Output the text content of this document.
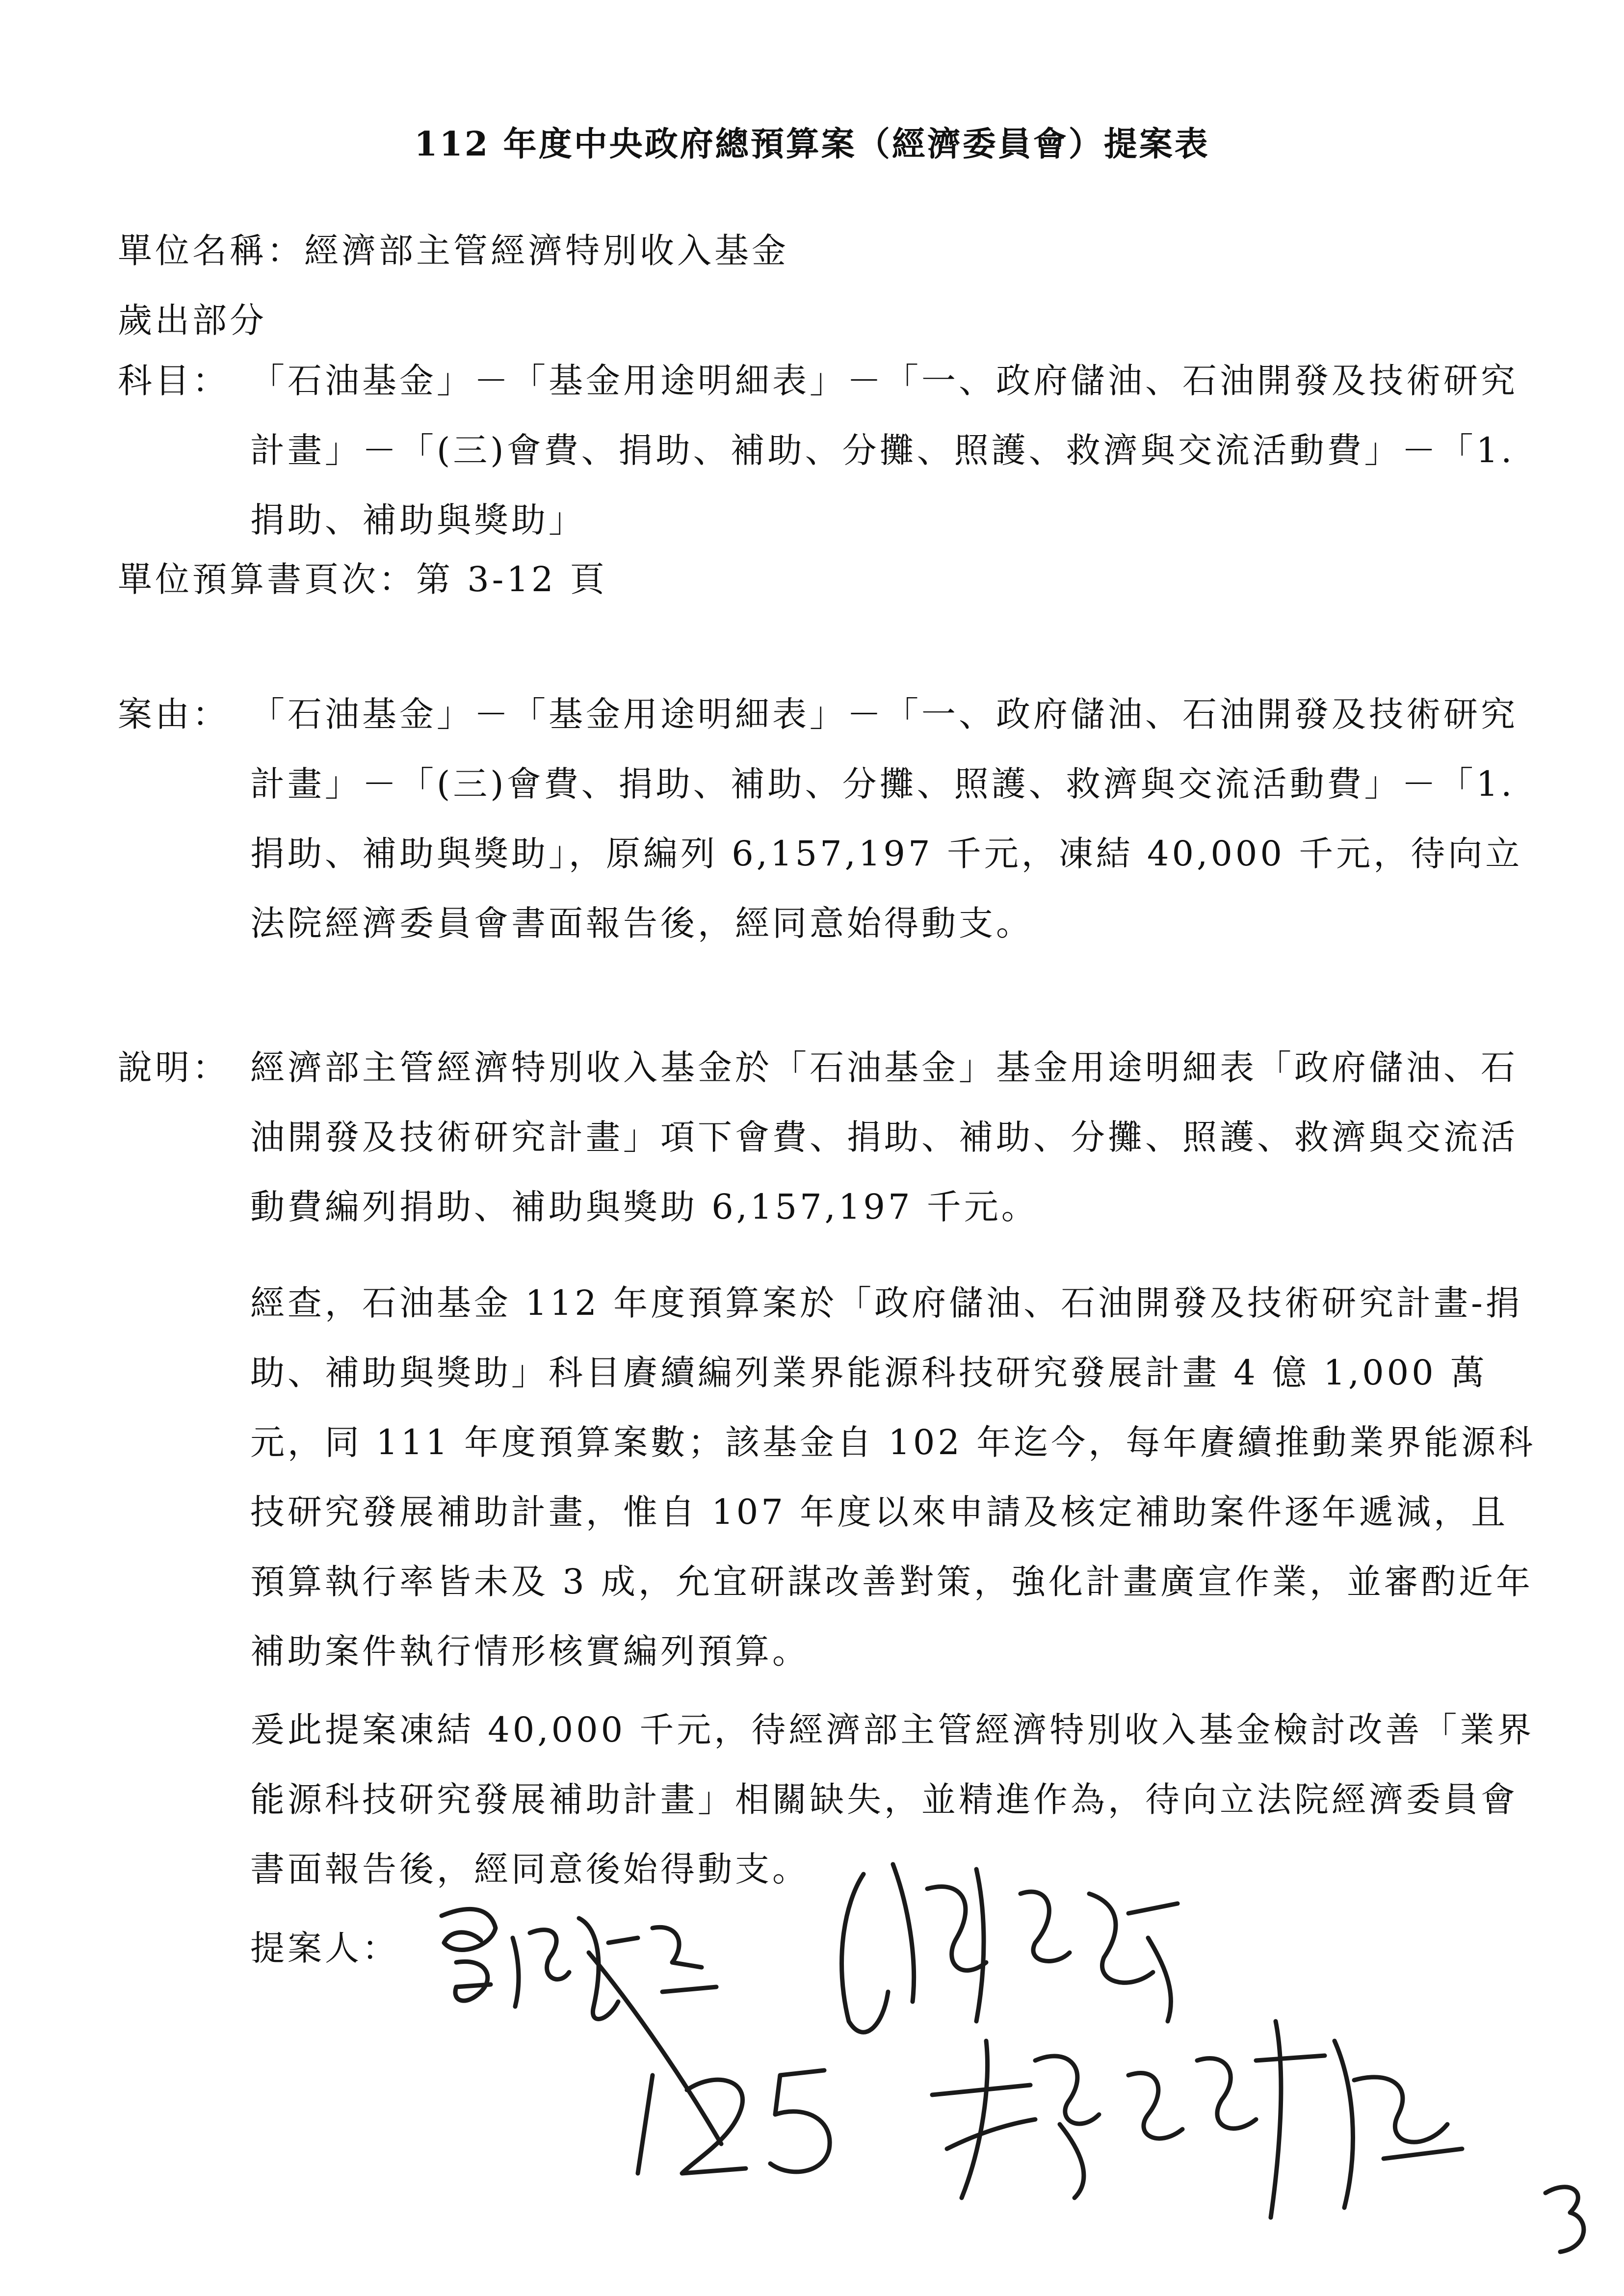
112 年度中央政府總預算案（經濟委員會）提案表
單位名稱：經濟部主管經濟特別收入基金
歲出部分
科目： 「石油基金」－「基金用途明細表」－「一、政府儲油、石油開發及技術研究計畫」－「(三)會費、捐助、補助、分攤、照護、救濟與交流活動費」－「1. 捐助、補助與獎助」
單位預算書頁次：第 3-12 頁
案由： 「石油基金」－「基金用途明細表」－「一、政府儲油、石油開發及技術研究計畫」－「(三)會費、捐助、補助、分攤、照護、救濟與交流活動費」－「1. 捐助、補助與獎助」，原編列 6,157,197 千元，凍結 40,000 千元，待向立法院經濟委員會書面報告後，經同意始得動支。
說明： 經濟部主管經濟特別收入基金於「石油基金」基金用途明細表「政府儲油、石油開發及技術研究計畫」項下會費、捐助、補助、分攤、照護、救濟與交流活動費編列捐助、補助與獎助 6,157,197 千元。
經查，石油基金 112 年度預算案於「政府儲油、石油開發及技術研究計畫-捐助、補助與獎助」科目賡續編列業界能源科技研究發展計畫 4 億 1,000 萬元，同 111 年度預算案數；該基金自 102 年迄今，每年賡續推動業界能源科技研究發展補助計畫，惟自 107 年度以來申請及核定補助案件逐年遞減，且預算執行率皆未及 3 成，允宜研謀改善對策，強化計畫廣宣作業，並審酌近年補助案件執行情形核實編列預算。
爰此提案凍結 40,000 千元，待經濟部主管經濟特別收入基金檢討改善「業界能源科技研究發展補助計畫」相關缺失，並精進作為，待向立法院經濟委員會書面報告後，經同意後始得動支。
提案人：
